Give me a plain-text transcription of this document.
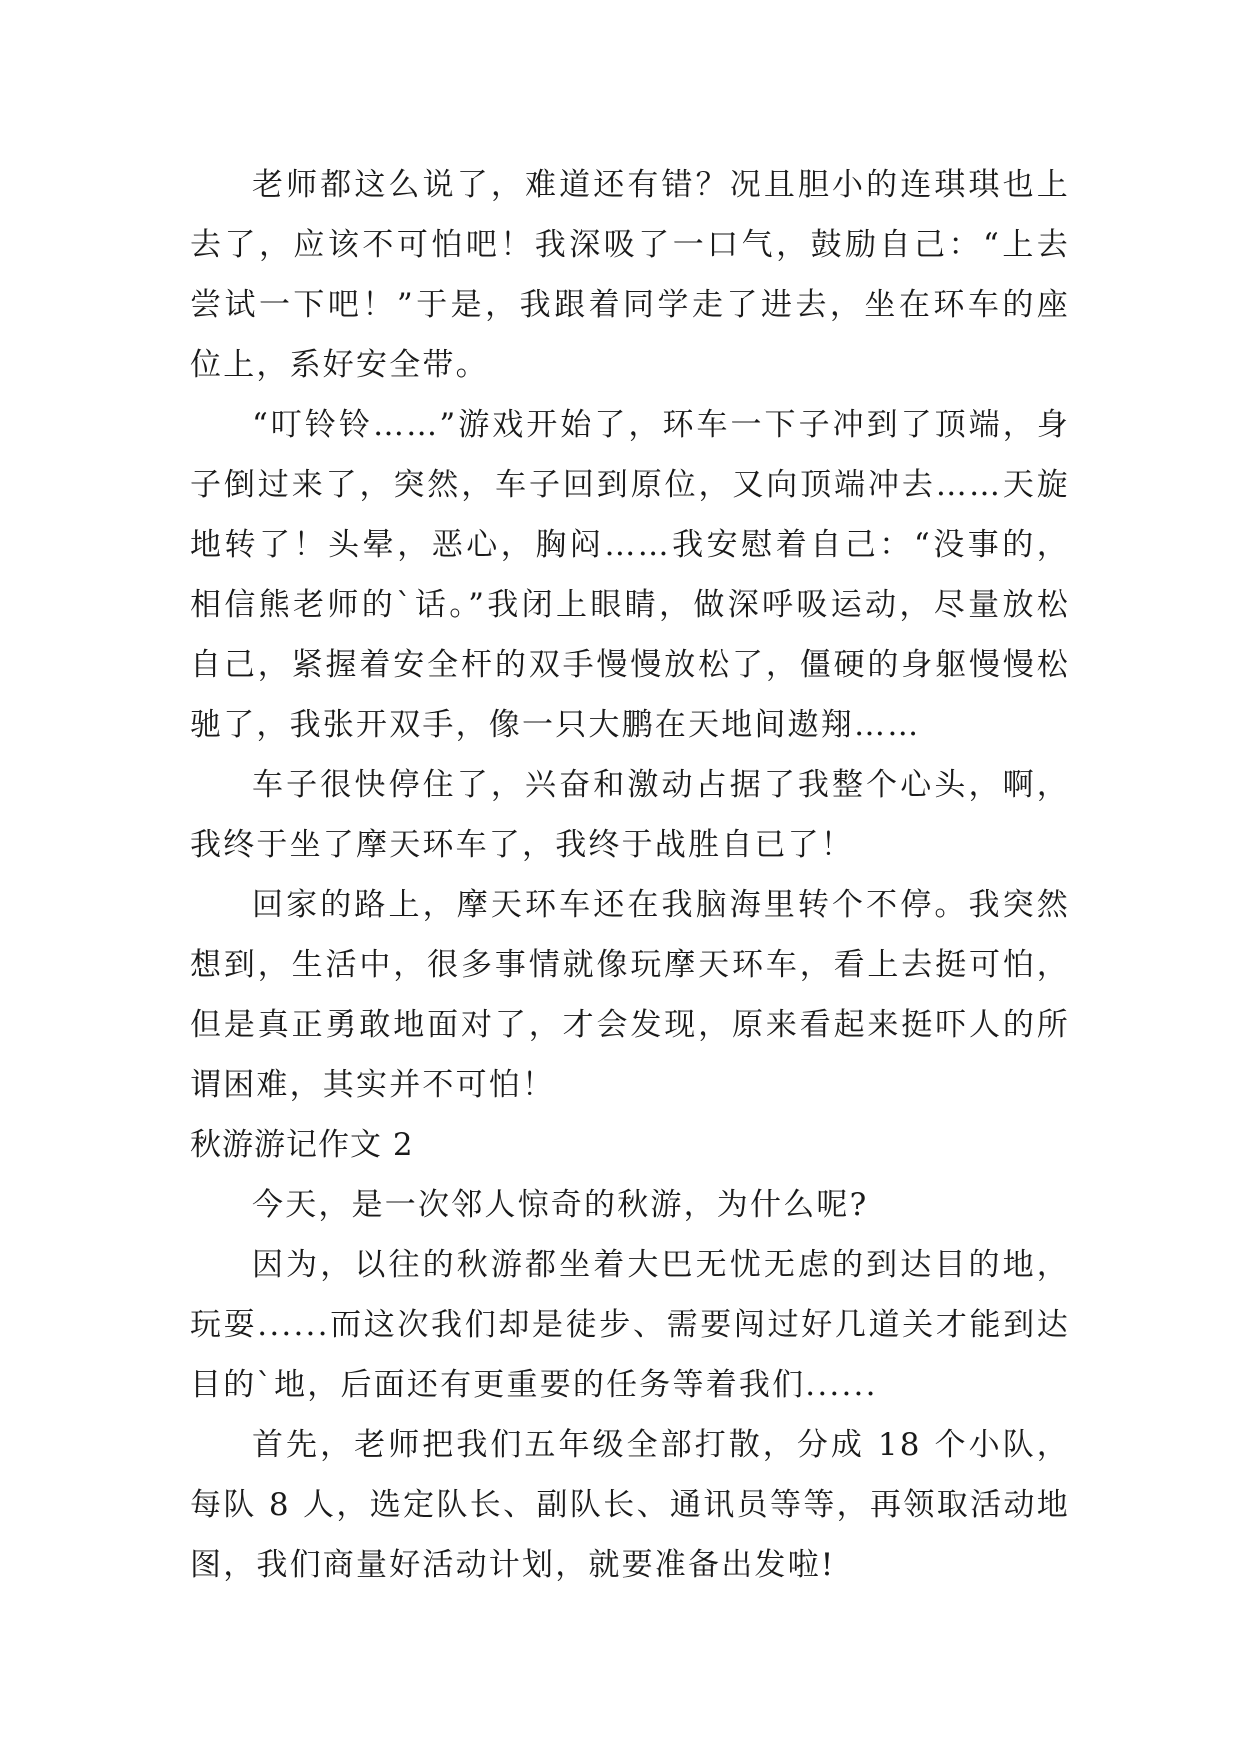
老师都这么说了，难道还有错？况且胆小的连琪琪也上去了，应该不可怕吧！我深吸了一口气，鼓励自己：“上去尝试一下吧！”于是，我跟着同学走了进去，坐在环车的座位上，系好安全带。

“叮铃铃……”游戏开始了，环车一下子冲到了顶端，身子倒过来了，突然，车子回到原位，又向顶端冲去……天旋地转了！头晕，恶心，胸闷……我安慰着自己：“没事的，相信熊老师的`话。”我闭上眼睛，做深呼吸运动，尽量放松自己，紧握着安全杆的双手慢慢放松了，僵硬的身躯慢慢松驰了，我张开双手，像一只大鹏在天地间遨翔……

车子很快停住了，兴奋和激动占据了我整个心头，啊，我终于坐了摩天环车了，我终于战胜自已了！

回家的路上，摩天环车还在我脑海里转个不停。我突然想到，生活中，很多事情就像玩摩天环车，看上去挺可怕，但是真正勇敢地面对了，才会发现，原来看起来挺吓人的所谓困难，其实并不可怕！

秋游游记作文 2

今天，是一次邻人惊奇的秋游，为什么呢?

因为，以往的秋游都坐着大巴无忧无虑的到达目的地，玩耍......而这次我们却是徒步、需要闯过好几道关才能到达目的`地，后面还有更重要的任务等着我们......

首先，老师把我们五年级全部打散，分成 18 个小队，每队 8 人，选定队长、副队长、通讯员等等，再领取活动地图，我们商量好活动计划，就要准备出发啦!
